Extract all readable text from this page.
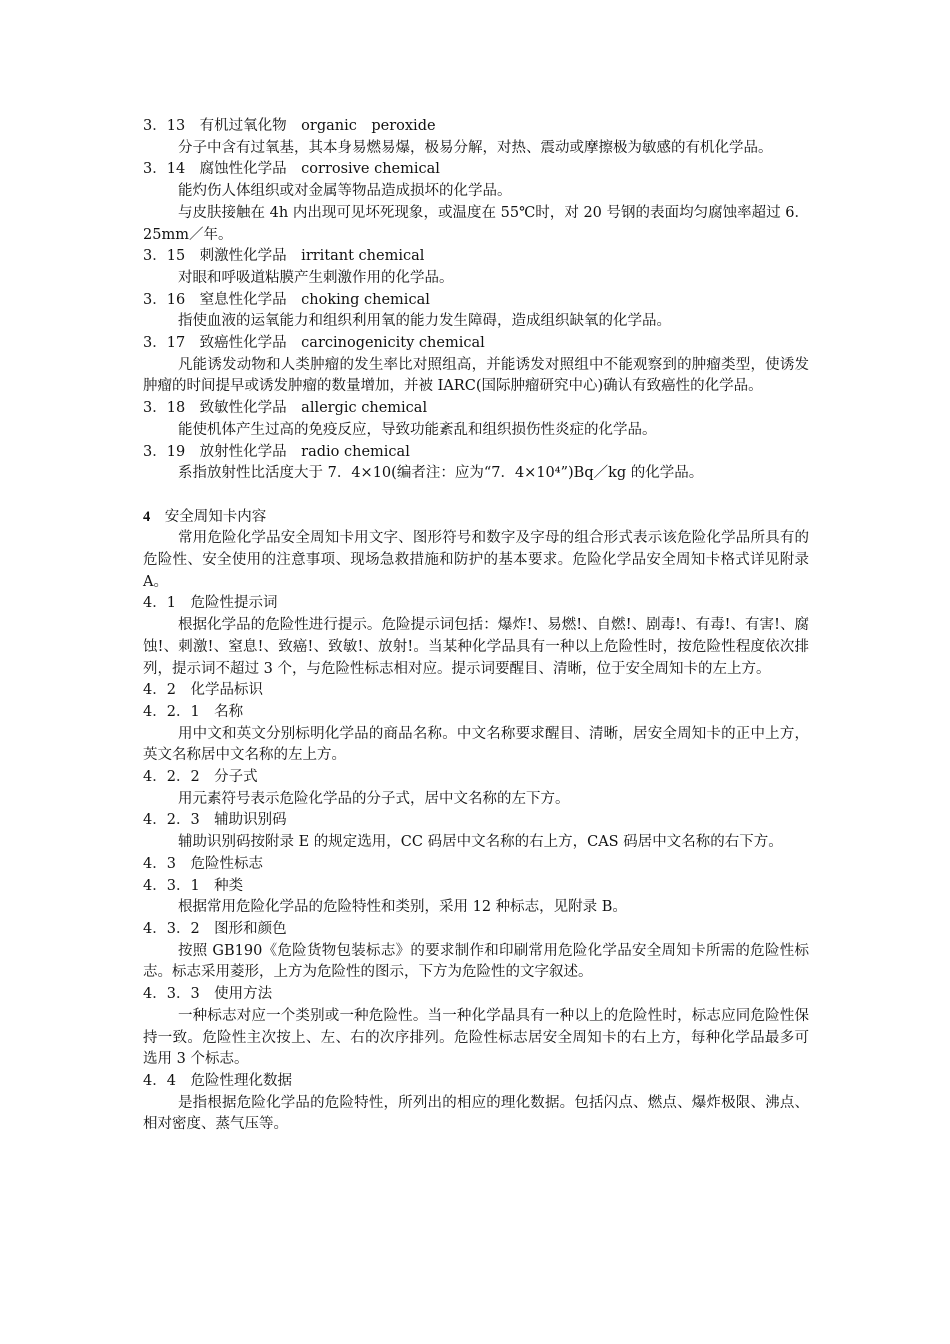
3．13　有机过氧化物　organic　peroxide

分子中含有过氧基，其本身易燃易爆，极易分解，对热、震动或摩擦极为敏感的有机化学品。

3．14　腐蚀性化学品　corrosive chemical

能灼伤人体组织或对金属等物品造成损坏的化学品。

与皮肤接触在 4h 内出现可见坏死现象，或温度在 55℃时，对 20 号钢的表面均匀腐蚀率超过 6．25mm／年。

3．15　刺激性化学品　irritant chemical

对眼和呼吸道粘膜产生刺激作用的化学品。

3．16　窒息性化学品　choking chemical

指使血液的运氧能力和组织利用氧的能力发生障碍，造成组织缺氧的化学品。

3．17　致癌性化学品　carcinogenicity chemical

凡能诱发动物和人类肿瘤的发生率比对照组高，并能诱发对照组中不能观察到的肿瘤类型，使诱发肿瘤的时间提早或诱发肿瘤的数量增加，并被 IARC(国际肿瘤研究中心)确认有致癌性的化学品。

3．18　致敏性化学品　allergic chemical

能使机体产生过高的免疫反应，导致功能紊乱和组织损伤性炎症的化学品。

3．19　放射性化学品　radio chemical

系指放射性比活度大于 7．4×10(编者注：应为“7．4×10⁴”)Bq／kg 的化学品。

4　安全周知卡内容

常用危险化学品安全周知卡用文字、图形符号和数字及字母的组合形式表示该危险化学品所具有的危险性、安全使用的注意事项、现场急救措施和防护的基本要求。危险化学品安全周知卡格式详见附录 A。

4．1　危险性提示词

根据化学品的危险性进行提示。危险提示词包括：爆炸!、易燃!、自燃!、剧毒!、有毒!、有害!、腐蚀!、刺激!、窒息!、致癌!、致敏!、放射!。当某种化学品具有一种以上危险性时，按危险性程度依次排列，提示词不超过 3 个，与危险性标志相对应。提示词要醒目、清晰，位于安全周知卡的左上方。

4．2　化学品标识

4．2．1　名称

用中文和英文分别标明化学品的商品名称。中文名称要求醒目、清晰，居安全周知卡的正中上方，英文名称居中文名称的左上方。

4．2．2　分子式

用元素符号表示危险化学品的分子式，居中文名称的左下方。

4．2．3　辅助识别码

辅助识别码按附录 E 的规定选用，CC 码居中文名称的右上方，CAS 码居中文名称的右下方。

4．3　危险性标志

4．3．1　种类

根据常用危险化学品的危险特性和类别，采用 12 种标志，见附录 B。

4．3．2　图形和颜色

按照 GB190《危险货物包装标志》的要求制作和印刷常用危险化学品安全周知卡所需的危险性标志。标志采用菱形，上方为危险性的图示，下方为危险性的文字叙述。

4．3．3　使用方法

一种标志对应一个类别或一种危险性。当一种化学晶具有一种以上的危险性时，标志应同危险性保持一致。危险性主次按上、左、右的次序排列。危险性标志居安全周知卡的右上方，每种化学品最多可选用 3 个标志。

4．4　危险性理化数据

是指根据危险化学品的危险特性，所列出的相应的理化数据。包括闪点、燃点、爆炸极限、沸点、相对密度、蒸气压等。
